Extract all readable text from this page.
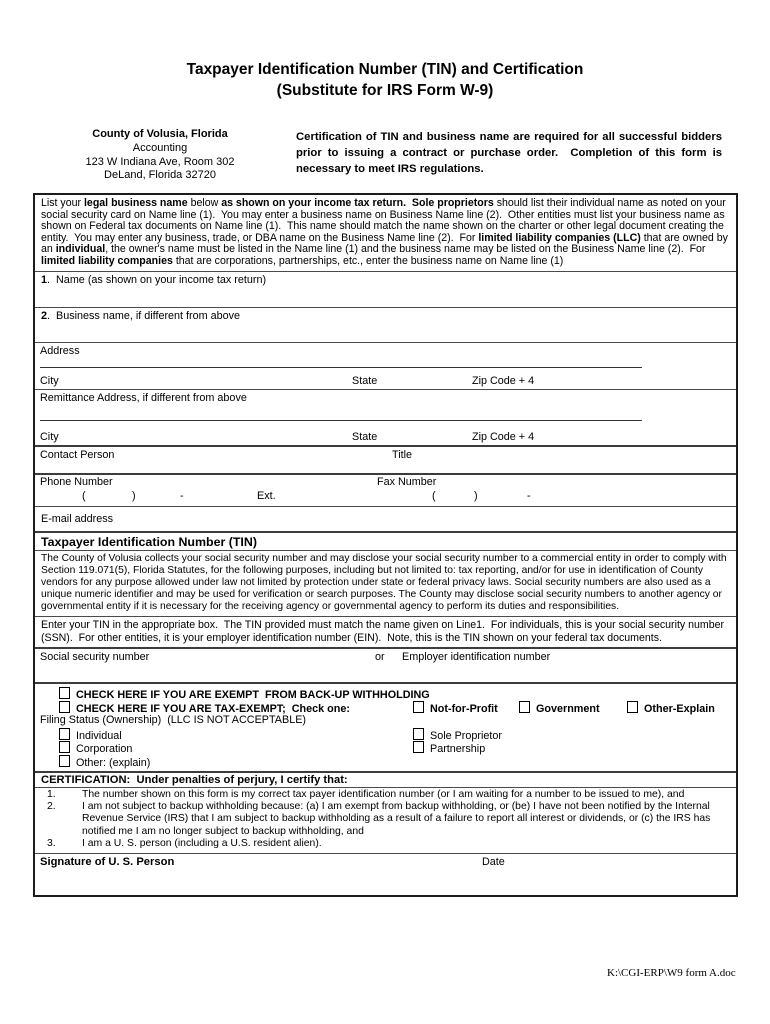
Taxpayer Identification Number (TIN) and Certification
(Substitute for IRS Form W-9)
County of Volusia, Florida
Accounting
123 W Indiana Ave, Room 302
DeLand, Florida 32720
Certification of TIN and business name are required for all successful bidders prior to issuing a contract or purchase order.  Completion of this form is necessary to meet IRS regulations.
List your legal business name below as shown on your income tax return.  Sole proprietors should list their individual name as noted on your social security card on Name line (1).  You may enter a business name on Business Name line (2).  Other entities must list your business name as shown on Federal tax documents on Name line (1).  This name should match the name shown on the charter or other legal document creating the entity.  You may enter any business, trade, or DBA name on the Business Name line (2).  For limited liability companies (LLC) that are owned by an individual, the owner's name must be listed in the Name line (1) and the business name may be listed on the Business Name line (2).  For limited liability companies that are corporations, partnerships, etc., enter the business name on Name line (1)
1.  Name (as shown on your income tax return)
2.  Business name, if different from above
Address
City	State	Zip Code + 4
Remittance Address, if different from above
City	State	Zip Code + 4
Contact Person	Title
Phone Number
(	)	-	Ext.
Fax Number
(	)	-
E-mail address
Taxpayer Identification Number (TIN)
The County of Volusia collects your social security number and may disclose your social security number to a commercial entity in order to comply with Section 119.071(5), Florida Statutes, for the following purposes, including but not limited to: tax reporting, and/or for use in identification of County vendors for any purpose allowed under law not limited by protection under state or federal privacy laws. Social security numbers are also used as a unique numeric identifier and may be used for verification or search purposes. The County may disclose social security numbers to another agency or governmental entity if it is necessary for the receiving agency or governmental agency to perform its duties and responsibilities.
Enter your TIN in the appropriate box.  The TIN provided must match the name given on Line1.  For individuals, this is your social security number (SSN).  For other entities, it is your employer identification number (EIN).  Note, this is the TIN shown on your federal tax documents.
Social security number	or Employer identification number
CHECK HERE IF YOU ARE EXEMPT  FROM BACK-UP WITHHOLDING
CHECK HERE IF YOU ARE TAX-EXEMPT;  Check one:	Not-for-Profit	Government	Other-Explain
Filing Status (Ownership)  (LLC IS NOT ACCEPTABLE)
Individual	Sole Proprietor
Corporation	Partnership
Other: (explain)
CERTIFICATION:  Under penalties of perjury, I certify that:
1.	The number shown on this form is my correct tax payer identification number (or I am waiting for a number to be issued to me), and
2.	I am not subject to backup withholding because: (a) I am exempt from backup withholding, or (be) I have not been notified by the Internal Revenue Service (IRS) that I am subject to backup withholding as a result of a failure to report all interest or dividends, or (c) the IRS has notified me I am no longer subject to backup withholding, and
3.	I am a U. S. person (including a U.S. resident alien).
Signature of U. S. Person	Date
K:\CGI-ERP\W9 form A.doc
